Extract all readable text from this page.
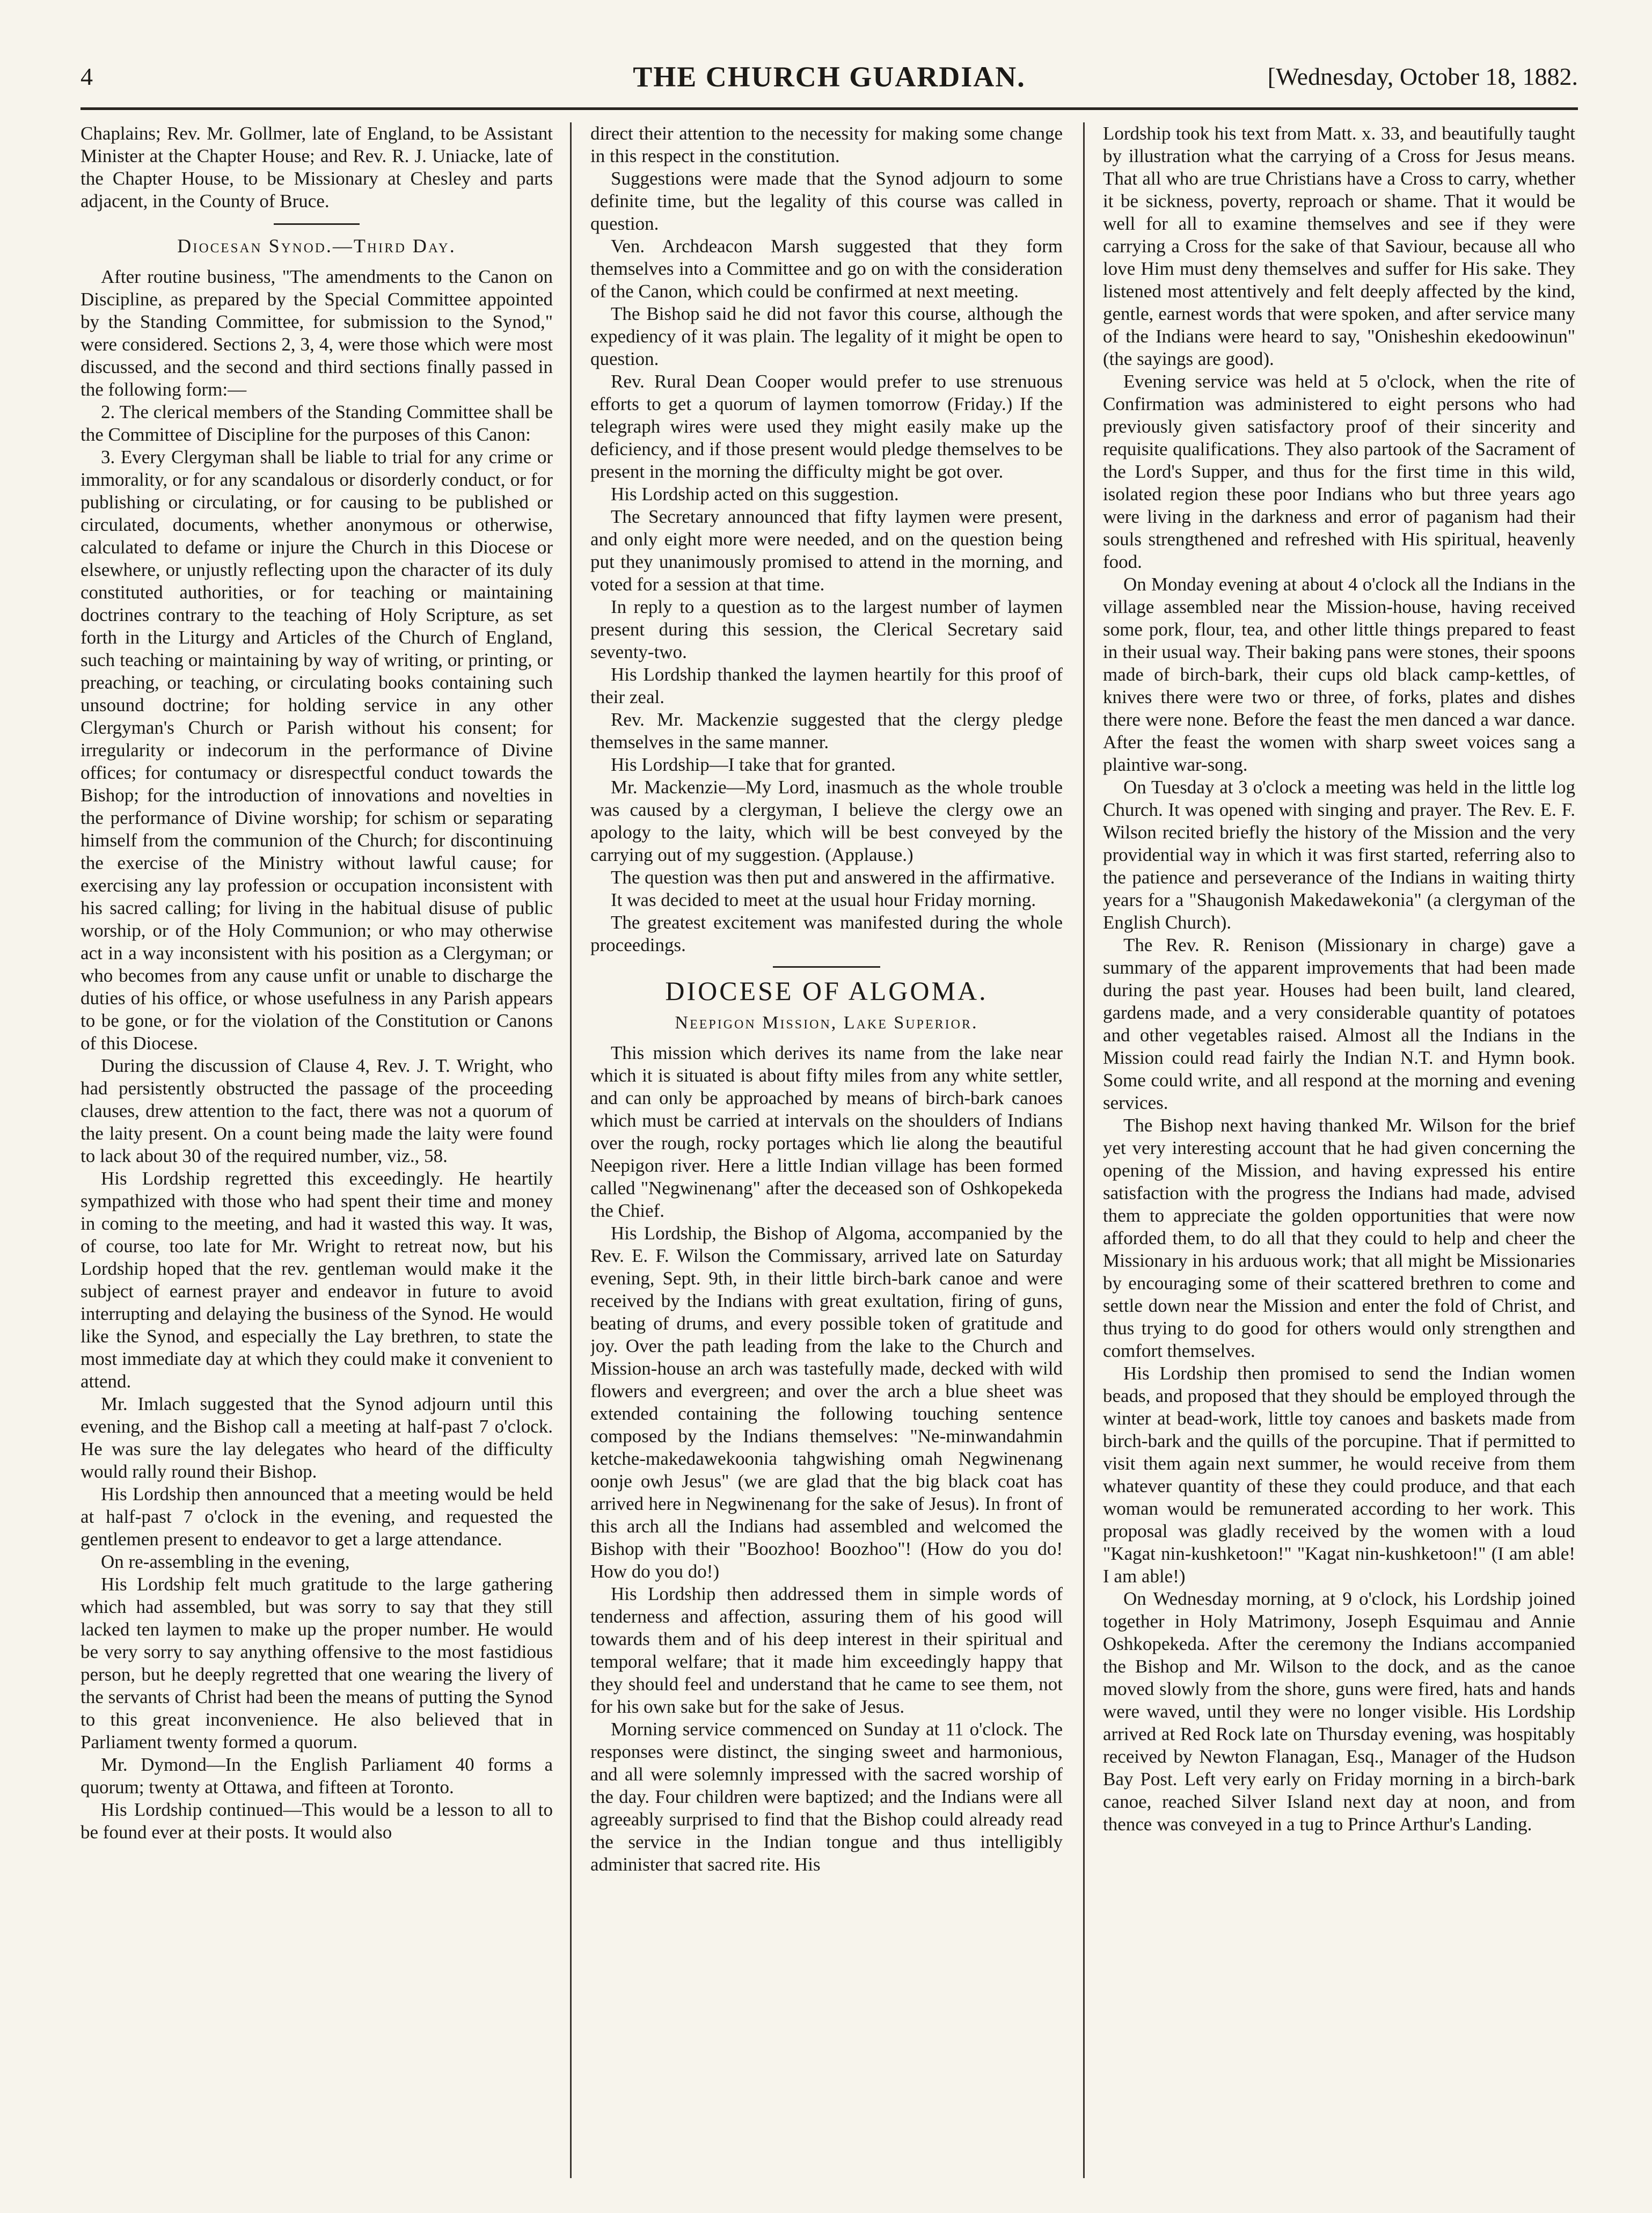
4	THE CHURCH GUARDIAN.	[Wednesday, October 18, 1882.

Chaplains; Rev. Mr. Gollmer, late of England, to be Assistant Minister at the Chapter House; and Rev. R. J. Uniacke, late of the Chapter House, to be Missionary at Chesley and parts adjacent, in the County of Bruce.

Diocesan Synod.—Third Day.

After routine business, "The amendments to the Canon on Discipline, as prepared by the Special Committee appointed by the Standing Committee, for submission to the Synod," were considered. Sections 2, 3, 4, were those which were most discussed, and the second and third sections finally passed in the following form:—

2. The clerical members of the Standing Committee shall be the Committee of Discipline for the purposes of this Canon:

3. Every Clergyman shall be liable to trial for any crime or immorality, or for any scandalous or disorderly conduct, or for publishing or circulating, or for causing to be published or circulated, documents, whether anonymous or otherwise, calculated to defame or injure the Church in this Diocese or elsewhere, or unjustly reflecting upon the character of its duly constituted authorities, or for teaching or maintaining doctrines contrary to the teaching of Holy Scripture, as set forth in the Liturgy and Articles of the Church of England, such teaching or maintaining by way of writing, or printing, or preaching, or teaching, or circulating books containing such unsound doctrine; for holding service in any other Clergyman's Church or Parish without his consent; for irregularity or indecorum in the performance of Divine offices; for contumacy or disrespectful conduct towards the Bishop; for the introduction of innovations and novelties in the performance of Divine worship; for schism or separating himself from the communion of the Church; for discontinuing the exercise of the Ministry without lawful cause; for exercising any lay profession or occupation inconsistent with his sacred calling; for living in the habitual disuse of public worship, or of the Holy Communion; or who may otherwise act in a way inconsistent with his position as a Clergyman; or who becomes from any cause unfit or unable to discharge the duties of his office, or whose usefulness in any Parish appears to be gone, or for the violation of the Constitution or Canons of this Diocese.

During the discussion of Clause 4, Rev. J. T. Wright, who had persistently obstructed the passage of the proceeding clauses, drew attention to the fact, there was not a quorum of the laity present. On a count being made the laity were found to lack about 30 of the required number, viz., 58.

His Lordship regretted this exceedingly. He heartily sympathized with those who had spent their time and money in coming to the meeting, and had it wasted this way. It was, of course, too late for Mr. Wright to retreat now, but his Lordship hoped that the rev. gentleman would make it the subject of earnest prayer and endeavor in future to avoid interrupting and delaying the business of the Synod. He would like the Synod, and especially the Lay brethren, to state the most immediate day at which they could make it convenient to attend.

Mr. Imlach suggested that the Synod adjourn until this evening, and the Bishop call a meeting at half-past 7 o'clock. He was sure the lay delegates who heard of the difficulty would rally round their Bishop.

His Lordship then announced that a meeting would be held at half-past 7 o'clock in the evening, and requested the gentlemen present to endeavor to get a large attendance.

On re-assembling in the evening,

His Lordship felt much gratitude to the large gathering which had assembled, but was sorry to say that they still lacked ten laymen to make up the proper number. He would be very sorry to say anything offensive to the most fastidious person, but he deeply regretted that one wearing the livery of the servants of Christ had been the means of putting the Synod to this great inconvenience. He also believed that in Parliament twenty formed a quorum.

Mr. Dymond—In the English Parliament 40 forms a quorum; twenty at Ottawa, and fifteen at Toronto.

His Lordship continued—This would be a lesson to all to be found ever at their posts. It would also

direct their attention to the necessity for making some change in this respect in the constitution.

Suggestions were made that the Synod adjourn to some definite time, but the legality of this course was called in question.

Ven. Archdeacon Marsh suggested that they form themselves into a Committee and go on with the consideration of the Canon, which could be confirmed at next meeting.

The Bishop said he did not favor this course, although the expediency of it was plain. The legality of it might be open to question.

Rev. Rural Dean Cooper would prefer to use strenuous efforts to get a quorum of laymen tomorrow (Friday.) If the telegraph wires were used they might easily make up the deficiency, and if those present would pledge themselves to be present in the morning the difficulty might be got over.

His Lordship acted on this suggestion.

The Secretary announced that fifty laymen were present, and only eight more were needed, and on the question being put they unanimously promised to attend in the morning, and voted for a session at that time.

In reply to a question as to the largest number of laymen present during this session, the Clerical Secretary said seventy-two.

His Lordship thanked the laymen heartily for this proof of their zeal.

Rev. Mr. Mackenzie suggested that the clergy pledge themselves in the same manner.

His Lordship—I take that for granted.

Mr. Mackenzie—My Lord, inasmuch as the whole trouble was caused by a clergyman, I believe the clergy owe an apology to the laity, which will be best conveyed by the carrying out of my suggestion. (Applause.)

The question was then put and answered in the affirmative.

It was decided to meet at the usual hour Friday morning.

The greatest excitement was manifested during the whole proceedings.

DIOCESE OF ALGOMA.

Neepigon Mission, Lake Superior.

This mission which derives its name from the lake near which it is situated is about fifty miles from any white settler, and can only be approached by means of birch-bark canoes which must be carried at intervals on the shoulders of Indians over the rough, rocky portages which lie along the beautiful Neepigon river. Here a little Indian village has been formed called "Negwinenang" after the deceased son of Oshkopekeda the Chief.

His Lordship, the Bishop of Algoma, accompanied by the Rev. E. F. Wilson the Commissary, arrived late on Saturday evening, Sept. 9th, in their little birch-bark canoe and were received by the Indians with great exultation, firing of guns, beating of drums, and every possible token of gratitude and joy. Over the path leading from the lake to the Church and Mission-house an arch was tastefully made, decked with wild flowers and evergreen; and over the arch a blue sheet was extended containing the following touching sentence composed by the Indians themselves: "Ne-minwandahmin ketche-makedawekoonia tahgwishing omah Negwinenang oonje owh Jesus" (we are glad that the big black coat has arrived here in Negwinenang for the sake of Jesus). In front of this arch all the Indians had assembled and welcomed the Bishop with their "Boozhoo! Boozhoo"! (How do you do! How do you do!)

His Lordship then addressed them in simple words of tenderness and affection, assuring them of his good will towards them and of his deep interest in their spiritual and temporal welfare; that it made him exceedingly happy that they should feel and understand that he came to see them, not for his own sake but for the sake of Jesus.

Morning service commenced on Sunday at 11 o'clock. The responses were distinct, the singing sweet and harmonious, and all were solemnly impressed with the sacred worship of the day. Four children were baptized; and the Indians were all agreeably surprised to find that the Bishop could already read the service in the Indian tongue and thus intelligibly administer that sacred rite. His

Lordship took his text from Matt. x. 33, and beautifully taught by illustration what the carrying of a Cross for Jesus means. That all who are true Christians have a Cross to carry, whether it be sickness, poverty, reproach or shame. That it would be well for all to examine themselves and see if they were carrying a Cross for the sake of that Saviour, because all who love Him must deny themselves and suffer for His sake. They listened most attentively and felt deeply affected by the kind, gentle, earnest words that were spoken, and after service many of the Indians were heard to say, "Onisheshin ekedoowinun" (the sayings are good).

Evening service was held at 5 o'clock, when the rite of Confirmation was administered to eight persons who had previously given satisfactory proof of their sincerity and requisite qualifications. They also partook of the Sacrament of the Lord's Supper, and thus for the first time in this wild, isolated region these poor Indians who but three years ago were living in the darkness and error of paganism had their souls strengthened and refreshed with His spiritual, heavenly food.

On Monday evening at about 4 o'clock all the Indians in the village assembled near the Mission-house, having received some pork, flour, tea, and other little things prepared to feast in their usual way. Their baking pans were stones, their spoons made of birch-bark, their cups old black camp-kettles, of knives there were two or three, of forks, plates and dishes there were none. Before the feast the men danced a war dance. After the feast the women with sharp sweet voices sang a plaintive war-song.

On Tuesday at 3 o'clock a meeting was held in the little log Church. It was opened with singing and prayer. The Rev. E. F. Wilson recited briefly the history of the Mission and the very providential way in which it was first started, referring also to the patience and perseverance of the Indians in waiting thirty years for a "Shaugonish Makedawekonia" (a clergyman of the English Church).

The Rev. R. Renison (Missionary in charge) gave a summary of the apparent improvements that had been made during the past year. Houses had been built, land cleared, gardens made, and a very considerable quantity of potatoes and other vegetables raised. Almost all the Indians in the Mission could read fairly the Indian N.T. and Hymn book. Some could write, and all respond at the morning and evening services.

The Bishop next having thanked Mr. Wilson for the brief yet very interesting account that he had given concerning the opening of the Mission, and having expressed his entire satisfaction with the progress the Indians had made, advised them to appreciate the golden opportunities that were now afforded them, to do all that they could to help and cheer the Missionary in his arduous work; that all might be Missionaries by encouraging some of their scattered brethren to come and settle down near the Mission and enter the fold of Christ, and thus trying to do good for others would only strengthen and comfort themselves.

His Lordship then promised to send the Indian women beads, and proposed that they should be employed through the winter at bead-work, little toy canoes and baskets made from birch-bark and the quills of the porcupine. That if permitted to visit them again next summer, he would receive from them whatever quantity of these they could produce, and that each woman would be remunerated according to her work. This proposal was gladly received by the women with a loud "Kagat nin-kushketoon!" "Kagat nin-kushketoon!" (I am able! I am able!)

On Wednesday morning, at 9 o'clock, his Lordship joined together in Holy Matrimony, Joseph Esquimau and Annie Oshkopekeda. After the ceremony the Indians accompanied the Bishop and Mr. Wilson to the dock, and as the canoe moved slowly from the shore, guns were fired, hats and hands were waved, until they were no longer visible. His Lordship arrived at Red Rock late on Thursday evening, was hospitably received by Newton Flanagan, Esq., Manager of the Hudson Bay Post. Left very early on Friday morning in a birch-bark canoe, reached Silver Island next day at noon, and from thence was conveyed in a tug to Prince Arthur's Landing.
